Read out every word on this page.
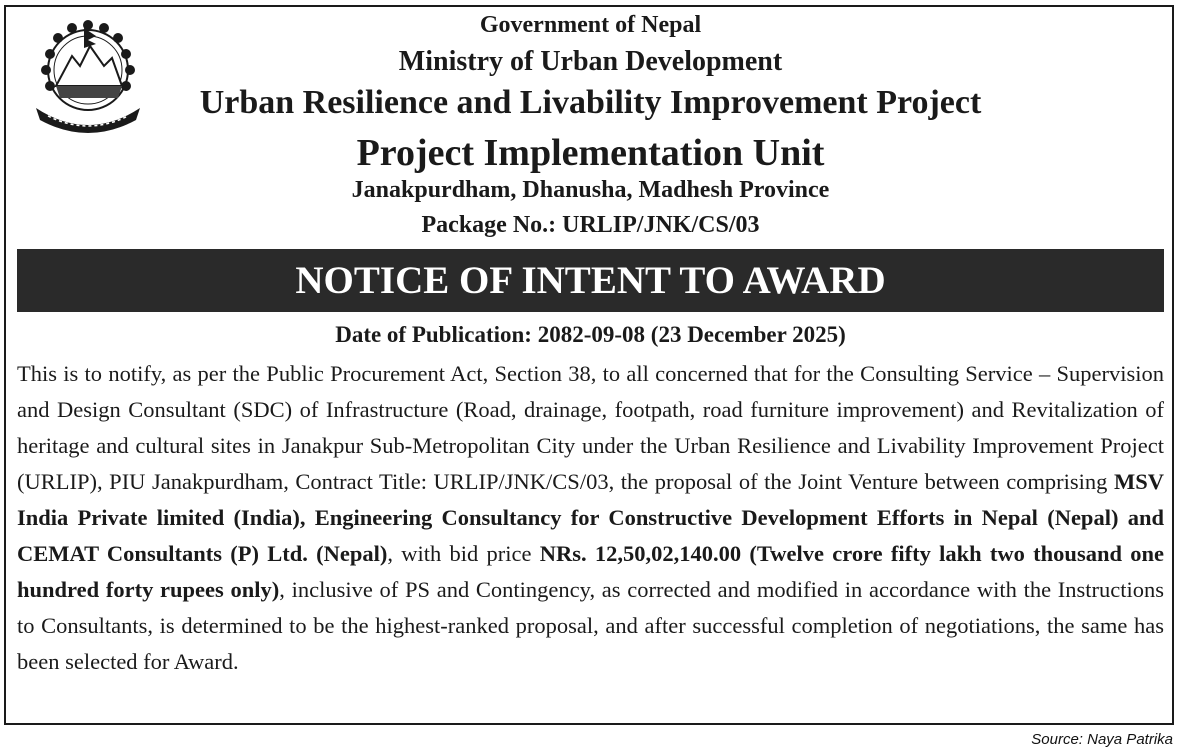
Government of Nepal
Ministry of Urban Development
Urban Resilience and Livability Improvement Project
Project Implementation Unit
Janakpurdham, Dhanusha, Madhesh Province
Package No.: URLIP/JNK/CS/03
NOTICE OF INTENT TO AWARD
Date of Publication: 2082-09-08 (23 December 2025)
This is to notify, as per the Public Procurement Act, Section 38, to all concerned that for the Consulting Service – Supervision and Design Consultant (SDC) of Infrastructure (Road, drainage, footpath, road furniture improvement) and Revitalization of heritage and cultural sites in Janakpur Sub-Metropolitan City under the Urban Resilience and Livability Improvement Project (URLIP), PIU Janakpurdham, Contract Title: URLIP/JNK/CS/03, the proposal of the Joint Venture between comprising MSV India Private limited (India), Engineering Consultancy for Constructive Development Efforts in Nepal (Nepal) and CEMAT Consultants (P) Ltd. (Nepal), with bid price NRs. 12,50,02,140.00 (Twelve crore fifty lakh two thousand one hundred forty rupees only), inclusive of PS and Contingency, as corrected and modified in accordance with the Instructions to Consultants, is determined to be the highest-ranked proposal, and after successful completion of negotiations, the same has been selected for Award.
Source: Naya Patrika
